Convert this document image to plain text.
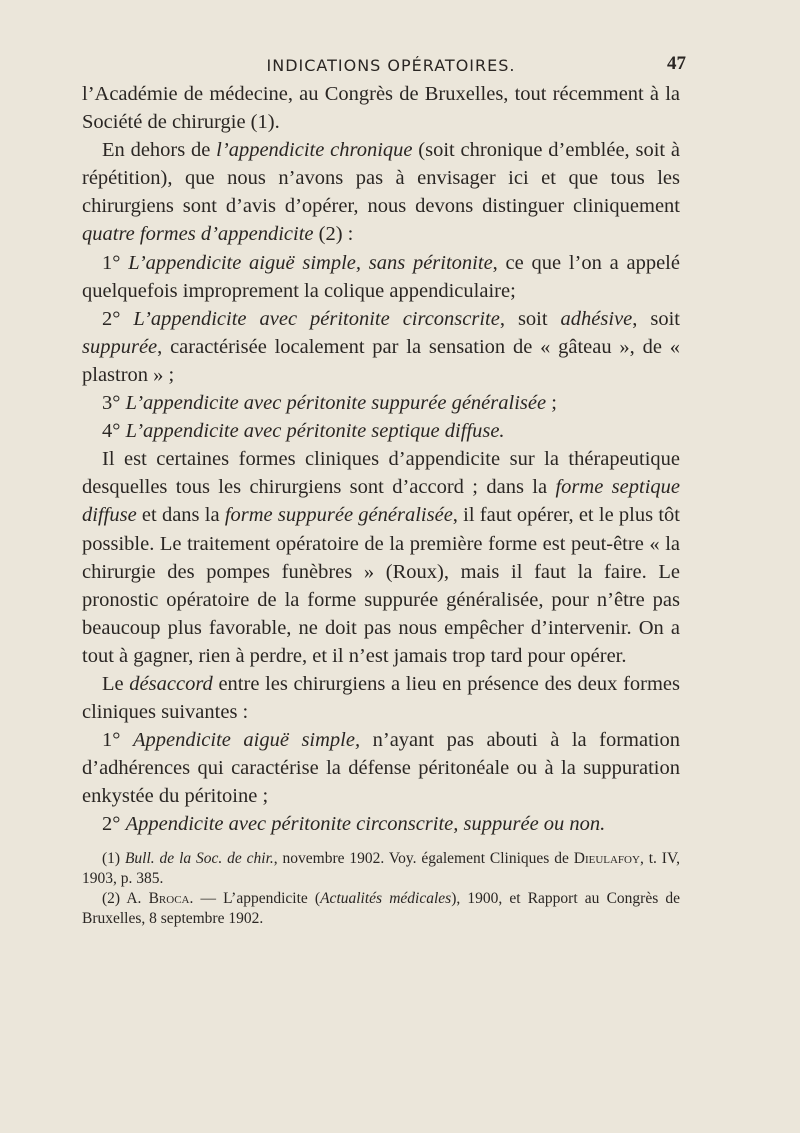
INDICATIONS OPÉRATOIRES.	47

l’Académie de médecine, au Congrès de Bruxelles, tout récemment à la Société de chirurgie (1).

En dehors de l’appendicite chronique (soit chronique d’emblée, soit à répétition), que nous n’avons pas à envisager ici et que tous les chirurgiens sont d’avis d’opérer, nous devons distinguer cliniquement quatre formes d’appendicite (2) :

1° L’appendicite aiguë simple, sans péritonite, ce que l’on a appelé quelquefois improprement la colique appendiculaire;

2° L’appendicite avec péritonite circonscrite, soit adhésive, soit suppurée, caractérisée localement par la sensation de « gâteau », de « plastron » ;

3° L’appendicite avec péritonite suppurée généralisée ;

4° L’appendicite avec péritonite septique diffuse.

Il est certaines formes cliniques d’appendicite sur la thérapeutique desquelles tous les chirurgiens sont d’accord ; dans la forme septique diffuse et dans la forme suppurée généralisée, il faut opérer, et le plus tôt possible. Le traitement opératoire de la première forme est peut-être « la chirurgie des pompes funèbres » (Roux), mais il faut la faire. Le pronostic opératoire de la forme suppurée généralisée, pour n’être pas beaucoup plus favorable, ne doit pas nous empêcher d’intervenir. On a tout à gagner, rien à perdre, et il n’est jamais trop tard pour opérer.

Le désaccord entre les chirurgiens a lieu en présence des deux formes cliniques suivantes :

1° Appendicite aiguë simple, n’ayant pas abouti à la formation d’adhérences qui caractérise la défense péritonéale ou à la suppuration enkystée du péritoine ;

2° Appendicite avec péritonite circonscrite, suppurée ou non.

(1) Bull. de la Soc. de chir., novembre 1902. Voy. également Cliniques de Dieulafoy, t. IV, 1903, p. 385.

(2) A. Broca. — L’appendicite (Actualités médicales), 1900, et Rapport au Congrès de Bruxelles, 8 septembre 1902.
